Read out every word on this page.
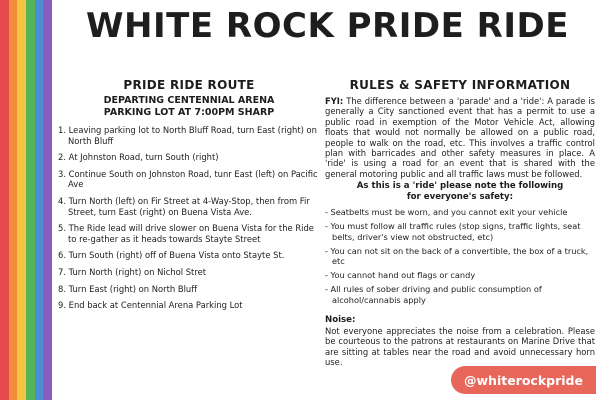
WHITE ROCK PRIDE RIDE
PRIDE RIDE ROUTE
DEPARTING CENTENNIAL ARENA
PARKING LOT AT 7:00PM SHARP
1. Leaving parking lot to North Bluff Road, turn East (right) on North Bluff
2. At Johnston Road, turn South (right)
3. Continue South on Johnston Road, tunr East (left) on Pacific Ave
4. Turn North (left) on Fir Street at 4-Way-Stop, then from Fir Street, turn East (right) on Buena Vista Ave.
5. The Ride lead will drive slower on Buena Vista for the Ride to re-gather as it heads towards Stayte Street
6. Turn South (right) off of Buena Vista onto Stayte St.
7. Turn North (right) on Nichol Stret
8. Turn East (right) on North Bluff
9. End back at Centennial Arena Parking Lot
RULES & SAFETY INFORMATION

FYI: The difference between a 'parade' and a 'ride': A parade is generally a City sanctioned event that has a permit to use a public road in exemption of the Motor Vehicle Act, allowing floats that would not normally be allowed on a public road, people to walk on the road, etc. This involves a traffic control plan with barricades and other safety measures in place. A 'ride' is using a road for an event that is shared with the general motoring public and all traffic laws must be followed.

As this is a 'ride' please note the following
for everyone's safety:
- Seatbelts must be worn, and you cannot exit your vehicle
- You must follow all traffic rules (stop signs, traffic lights, seat belts, driver's view not obstructed, etc)
- You can not sit on the back of a convertible, the box of a truck, etc
- You cannot hand out flags or candy
- All rules of sober driving and public consumption of alcohol/cannabis apply
Noise:

Not everyone appreciates the noise from a celebration. Please be courteous to the patrons at restaurants on Marine Drive that are sitting at tables near the road and avoid unnecessary horn use.

@whiterockpride
